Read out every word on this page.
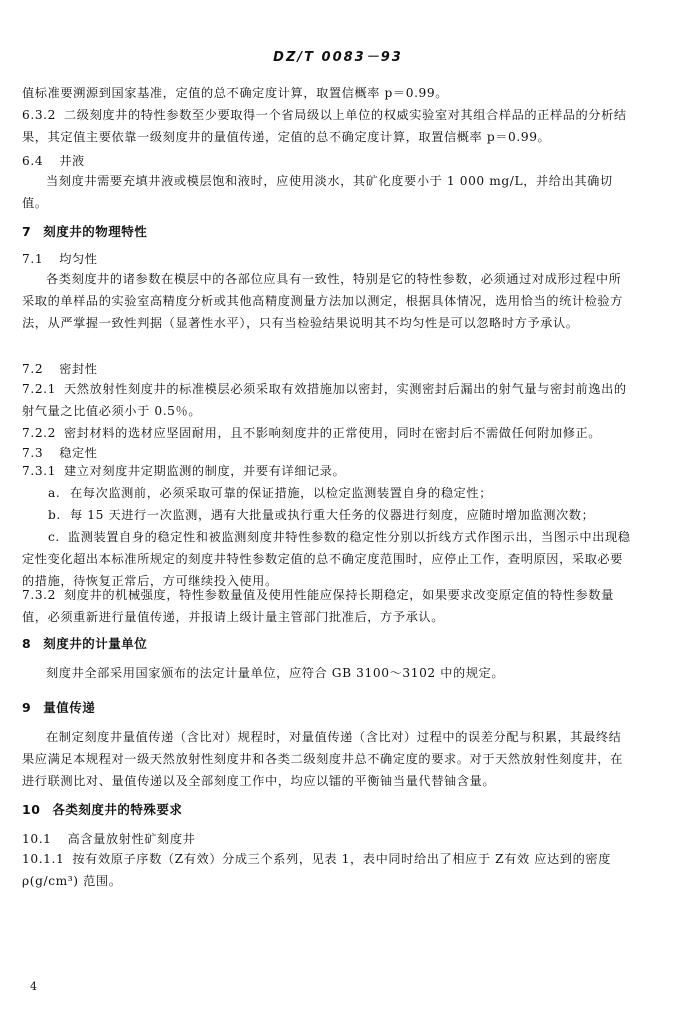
DZ/T 0083－93
值标准要溯源到国家基准，定值的总不确定度计算，取置信概率 p＝0.99。
6.3.2 二级刻度井的特性参数至少要取得一个省局级以上单位的权威实验室对其组合样品的正样品的分析结果，其定值主要依靠一级刻度井的量值传递，定值的总不确定度计算，取置信概率 p＝0.99。
6.4 井液
当刻度井需要充填井液或模层饱和液时，应使用淡水，其矿化度要小于 1 000 mg/L，并给出其确切值。
7 刻度井的物理特性
7.1 均匀性
各类刻度井的诸参数在模层中的各部位应具有一致性，特别是它的特性参数，必须通过对成形过程中所采取的单样品的实验室高精度分析或其他高精度测量方法加以测定，根据具体情况，选用恰当的统计检验方法，从严掌握一致性判据（显著性水平），只有当检验结果说明其不均匀性是可以忽略时方予承认。
7.2 密封性
7.2.1 天然放射性刻度井的标准模层必须采取有效措施加以密封，实测密封后漏出的射气量与密封前逸出的射气量之比值必须小于 0.5％。
7.2.2 密封材料的选材应坚固耐用，且不影响刻度井的正常使用，同时在密封后不需做任何附加修正。
7.3 稳定性
7.3.1 建立对刻度井定期监测的制度，并要有详细记录。
a. 在每次监测前，必须采取可靠的保证措施，以检定监测装置自身的稳定性；
b. 每 15 天进行一次监测，遇有大批量或执行重大任务的仪器进行刻度，应随时增加监测次数；
c. 监测装置自身的稳定性和被监测刻度井特性参数的稳定性分别以折线方式作图示出，当图示中出现稳定性变化超出本标准所规定的刻度井特性参数定值的总不确定度范围时，应停止工作，查明原因，采取必要的措施，待恢复正常后，方可继续投入使用。
7.3.2 刻度井的机械强度，特性参数量值及使用性能应保持长期稳定，如果要求改变原定值的特性参数量值，必须重新进行量值传递，并报请上级计量主管部门批准后，方予承认。
8 刻度井的计量单位
刻度井全部采用国家颁布的法定计量单位，应符合 GB 3100～3102 中的规定。
9 量值传递
在制定刻度井量值传递（含比对）规程时，对量值传递（含比对）过程中的误差分配与积累，其最终结果应满足本规程对一级天然放射性刻度井和各类二级刻度井总不确定度的要求。对于天然放射性刻度井，在进行联测比对、量值传递以及全部刻度工作中，均应以镭的平衡铀当量代替铀含量。
10 各类刻度井的特殊要求
10.1 高含量放射性矿刻度井
10.1.1 按有效原子序数（Z有效）分成三个系列，见表 1，表中同时给出了相应于 Z有效 应达到的密度 ρ(g/cm³) 范围。
4
